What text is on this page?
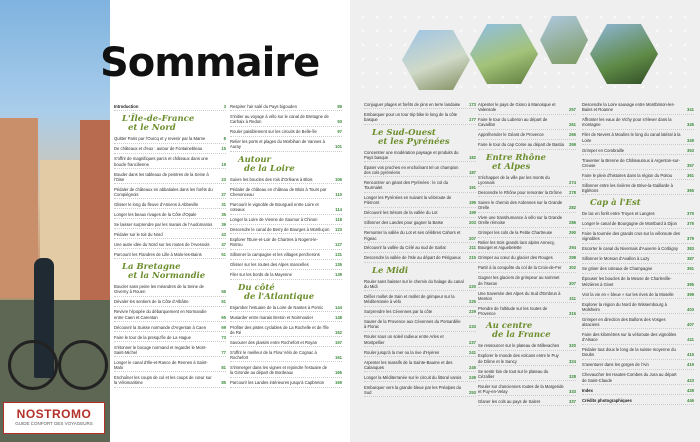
NOSTROMO
GUIDE CONFORT DES VOYAGEURS
Sommaire
Introduction	3
L'Île-de-France

et le Nord
Quitter Paris par l'Ourcq et y revenir par la Marne	8
De châteaux et d'eux : autour de Fontainebleau	15
S'offrir de magnifiques parcs et châteaux dans une boucle francilienne	19
Bouder dans les tableaux de peintres de la Seine à l'Oise	23
Pédaler de châteaux en abbatiales dans les forêts du Compiégnois	27
Glisser le long du fleuve d'Amiens à Abbeville	31
Longer les beaux rivages de la Côte d'Opale	35
Se laisser surprendre par les marais de l'Audomarois 39
Pédaler sur le toit du Nord	43
Une autre idée du Nord sur les routes de l'Avesnois	47
Parcourir les Flandres de Lille à Malo-les-Bains	51
La Bretagne

et la Normandie
Boucler sans peine les méandres de la Seine de Giverny à Rouen	56
Dévaler les sentiers de la Côte d'Albâtre	61
Revivre l'épopée du débarquement en Normandie entre Caen et Carentan	65
Découvrir la Suisse normande d'Argentan à Caen	69
Faire le tour de la presqu'île de La Hague	73
S'étonner le bocage normand et regarder le Mont-Saint-Michel	77
Longer le canal d'Ille-et-Rance de Rennes à Saint-Malo	81
Enchaîner les coups de cul et les coups de cœur sur la Vélomaritime	85
Respirer l'air salé du Pays bigouden	89
S'initier au voyage à vélo sur le canal de Bretagne de Carhaix à Redon	93
Rouler paisiblement sur les circuits de Belle-Île	97
Relier les ports et plages du Morbihan de Vannes à Auray	101
Autour

de la Loire
Suivre les boucles des rois d'Orléans à Blois	106
Pédaler de château en château de Blois à Tours par Chenonceau	110
Parcourir le vignoble de Bourgueil entre Loire et coteaux	114
Longer la Loire de Vienne de Saumur à Chinon	118
Descendre le canal de Berry de Bourges à Montluçon 123
Explorer l'Eure-et-Loir de Chartres à Nogent-le-Rotrou	127
Sillonner la campagne et les villages percherons	131
Glisser sur les routes des Alpes mancelles	135
Filer sur les bords de la Mayenne	139
Du côté

de l'Atlantique
Enjamber l'estuaire de la Loire de Nantes à Pornic	144
Musarder entre marais Breton et Noirmoutier	148
Profiter des pistes cyclables de La Rochelle et de l'Île de Ré	152
Savourer des plaisirs entre Rochefort et Royan	157
S'offrir le meilleur de la Flow Vélo de Cognac à Rochefort	161
S'immerger dans les vignes et rejoindre l'estuaire de la Gironde au départ de Bordeaux	165
Parcourir les Landes intérieures jusqu'à Capbreton	169
Conjuguer plages et forêts de pins en terre landaise 173
Embarquer pour un tour trip bike le long de la côte basque	177
Le Sud-Ouest

et les Pyrénées
Concentrer une modération paysage et produits du Pays basque	182
Épater vos proches en enchaînant tel un champion des cols pyrénéens	187
Rencontrer un géant des Pyrénées : le col du Tourmalet	191
Longer les Pyrénées en suivant la véloroute de Piémont	195
Découvrir les trésors de la vallée du Lot	199
Sillonner des Landes pour gagner la Baïse	203
Remonter la vallée du Lot et ses célèbres Cahors et Figeac	207
Découvrir la vallée du Célé au sud de Sarlat	211
Descendre la vallée de l'Isle au départ de Périgueux 215
Le Midi
Rouler sans baisser sur le chemin du halage du canal du Midi	220
Défier mollet de train et mollet de grimpeur sur la Méditerranée à vélo	225
Surprendre les Cévennes par la côte	229
Sauter de la Provence aux Cévennes du Pomardèle à Florac	233
Rouler sous un soleil radieux entre Arles et Montpellier	237
Rouler jusqu'à la mer ou la rive d'Hyères	241
Arpenter les massifs de la Sainte-Baume et des Calanques	245
Longer la Méditerranée sur le circuit du littoral varois 249
Embarquer vers la grande bleue par les Préalpes du Sud	253
Arpenter le pays de Giono à Manosque et Valensole	257
Faire le tour du Luberon au départ de Cavaillon	261
Appréhender le Géant de Provence	265
Faire le tour du cap Corse au départ de Bastia 269
Entre Rhône

et Alpes
S'échapper de la ville par les monts du Lyonnais	274
Descendre le Rhône pour remonter la Drôme 278
Suivre le chemin des Ardennes sur la Grande Orelle	282
Vivre une transhumance à vélo sur la Grande Orelle rémoise	286
Grimper les cols de la Petite Chartreuse	290
Relier les trois grands lacs alpins Annecy, Bourget et Aiguebelette	294
Grimper au cœur du glacier des Rouges	298
Partir à la conquête du col de la Croix-de-Fer 302
Gagner les glaciers de grimpeur au sommet de l'Iseran	307
Une traversée des Alpes du Sud d'Embrun à Menton	311
Prendre de l'altitude sur les routes de Provence	315
Au centre

de la France
Se ressourcer sur le plateau de Millevaches 320
Explorer le monde des volcans entre le Puy de Dôme et le Sancy	324
Se sentir loin de tout sur le plateau du Cézallier	328
Rouler sur d'anciennes routes de la Margeride et Puy-en-Velay	333
Glaner les cols au pays de Salers	337
Descendre la Loire sauvage entre Montbrison-les-Bains et Roanne	341
Affronter les eaux de Vichy pour s'élever dans la montagne	345
Filer de Nevers à Moulins le long du canal latéral à la Loire	349
Grimper en Combraille	353
Traverser la Brenne de Châteauroux à Argenton-sur-Creuse	357
Faire le plein d'histoires dans la région du Poitou	361
Sillonner entre les rivières de Brive-la-Gaillarde à Eglétons	365
Cap à l'Est
De lac en forêt entre Troyes et Langres	370
Longer le canal de Bourgogne de Montbard à Dijon 375
Faire la tournée des grands crus sur la véloroute des vignobles	379
Escorter le canal du Nivernais d'Auxerre à Corbigny 383
Sillonner le Morvan d'Avallon à Luzy	387
Se griser des coteaux de Champagne	391
Épouser les boucles de la Meuse de Charleville-Mézières à Givet	395
Voir la vie en « bleue » sur les rives de la Moselle	399
Explorer la région du Nord de Wissembourg à Molsheim	403
Grimper en direction des Ballons des Vosges alsaciens	407
Faire des kilomètres sur la véloroute des vignobles d'Alsace	411
Pédaler tout doux le long de la suisse moyenne du Doubs	415
S'aventurer dans les gorges de l'Ain	419
Chevaucher les Hautes-Combes du Jura au départ de Saint-Claude	423
Index	428
Crédits photographiques	446
